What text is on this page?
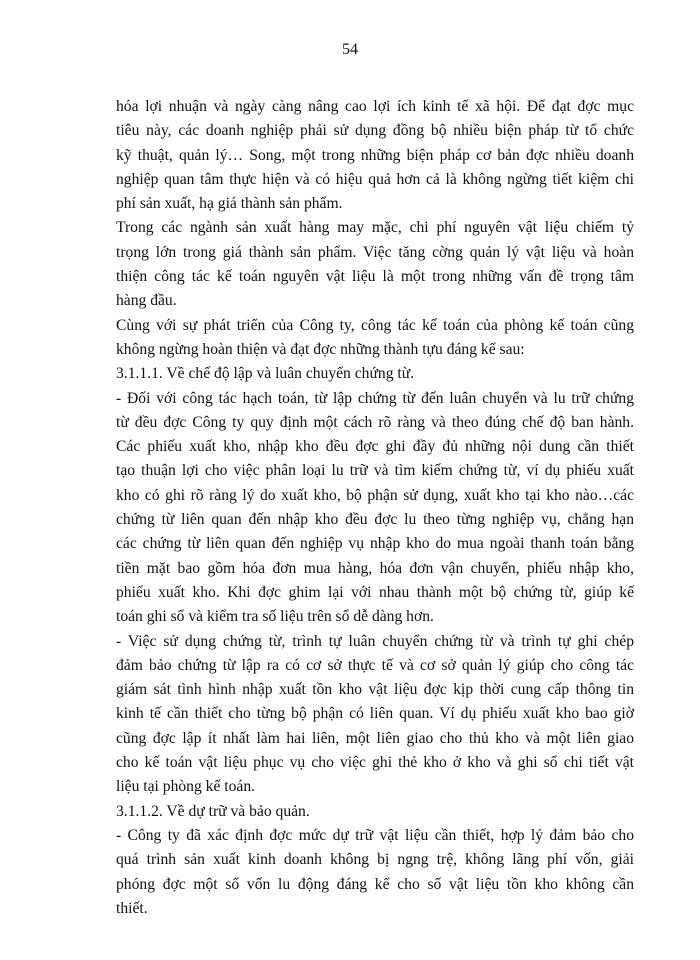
54
hóa lợi nhuận và ngày càng nâng cao lợi ích kinh tế xã hội. Để đạt đợc mục
tiêu này, các doanh nghiệp phải sử dụng đồng bộ nhiều biện pháp từ tổ chức
kỹ thuật, quản lý… Song, một trong những biện pháp cơ bản đợc nhiều doanh
nghiệp quan tâm thực hiện và có hiệu quả hơn cả là không ngừng tiết kiệm chi
phí sản xuất, hạ giá thành sản phẩm.
Trong các ngành sản xuất hàng may mặc, chi phí nguyên vật liệu chiếm tỷ
trọng lớn trong giá thành sản phẩm. Việc tăng cờng quản lý vật liệu và hoàn
thiện công tác kế toán nguyên vật liệu là một trong những vấn đề trọng tâm
hàng đầu.
Cùng với sự phát triển của Công ty, công tác kế toán của phòng kế toán cũng
không ngừng hoàn thiện và đạt đợc những thành tựu đáng kể sau:
3.1.1.1. Về chế độ lập và luân chuyển chứng từ.
- Đối với công tác hạch toán, từ lập chứng từ đến luân chuyển và lu trữ chứng
từ đều đợc Công ty quy định một cách rõ ràng và theo đúng chế độ ban hành.
Các phiếu xuất kho, nhập kho đều đợc ghi đầy đủ những nội dung cần thiết
tạo thuận lợi cho việc phân loại lu trữ và tìm kiếm chứng từ, ví dụ phiếu xuất
kho có ghi rõ ràng lý do xuất kho, bộ phận sử dụng, xuất kho tại kho nào…các
chứng từ liên quan đến nhập kho đều đợc lu theo từng nghiệp vụ, chẳng hạn
các chứng từ liên quan đến nghiệp vụ nhập kho do mua ngoài thanh toán bằng
tiền mặt bao gồm hóa đơn mua hàng, hóa đơn vận chuyển, phiếu nhập kho,
phiếu xuất kho. Khi đợc ghim lại với nhau thành một bộ chứng từ, giúp kế
toán ghi sổ và kiểm tra số liệu trên sổ dễ dàng hơn.
- Việc sử dụng chứng từ, trình tự luân chuyển chứng từ và trình tự ghi chép
đảm bảo chứng từ lập ra có cơ sở thực tế và cơ sở quản lý giúp cho công tác
giám sát tình hình nhập xuất tồn kho vật liệu đợc kịp thời cung cấp thông tin
kinh tế cần thiết cho từng bộ phận có liên quan. Ví dụ phiếu xuất kho bao giờ
cũng đợc lập ít nhất làm hai liên, một liên giao cho thủ kho và một liên giao
cho kế toán vật liệu phục vụ cho việc ghi thẻ kho ở kho và ghi sổ chi tiết vật
liệu tại phòng kế toán.
3.1.1.2. Về dự trữ và bảo quản.
- Công ty đã xác định đợc mức dự trữ vật liệu cần thiết, hợp lý đảm bảo cho
quá trình sản xuất kinh doanh không bị ngng trệ, không lãng phí vốn, giải
phóng đợc một số vốn lu động đáng kể cho số vật liệu tồn kho không cần
thiết.
